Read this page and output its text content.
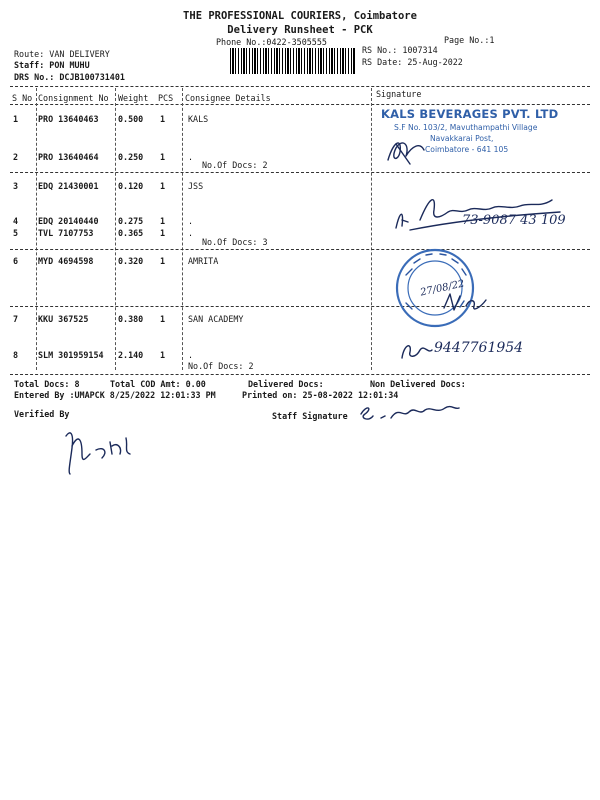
THE PROFESSIONAL COURIERS, Coimbatore
Delivery Runsheet - PCK
Phone No.:0422-3505555	Page No.:1
Route: VAN DELIVERY
Staff: PON MUHU
DRS No.: DCJB100731401
RS No.: 1007314
RS Date: 25-Aug-2022
S No Consignment No Weight PCS Consignee Details	Signature
1 PRO 13640463 0.500 1	KALS
2 PRO 13640464 0.250 1	.
No.Of Docs: 2
3 EDQ 21430001 0.120 1	JSS
4 EDQ 20140440 0.275 1	.
5 TVL 7107753	0.365 1	.
No.Of Docs: 3
6 MYD 4694598	0.320 1	AMRITA
7 KKU 367525	0.380 1	SAN ACADEMY
8 SLM 301959154 2.140 1	.
No.Of Docs: 2
KALS BEVERAGES PVT. LTD
S.F No. 103/2, Mavuthampathi Village
Navakkarai Post,
Coimbatore - 641 105
73-9087 43 109
27/08/22
9447761954
Total Docs: 8	Total COD Amt: 0.00	Delivered Docs:	Non Delivered Docs:
Entered By :UMAPCK 8/25/2022 12:01:33 PM	Printed on: 25-08-2022 12:01:34
Verified By	Staff Signature
